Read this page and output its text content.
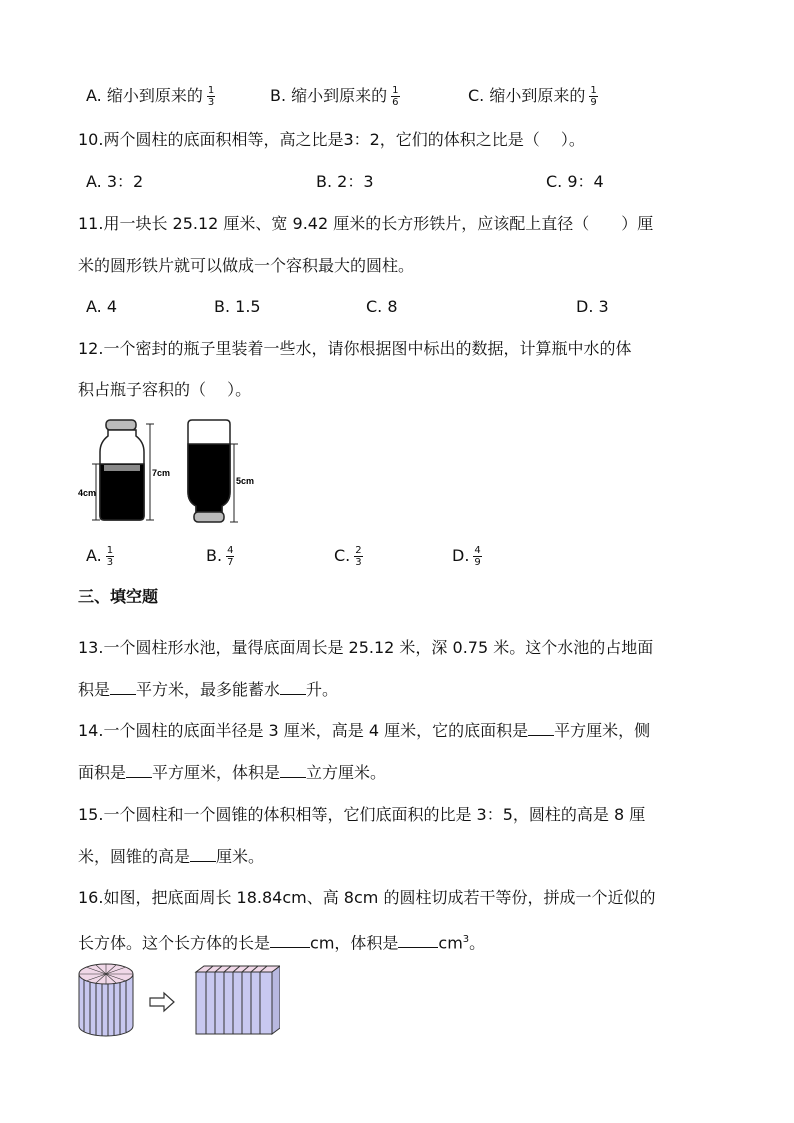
A. 缩小到原来的 $\frac{1}{3}$	B. 缩小到原来的 $\frac{1}{6}$	C. 缩小到原来的 $\frac{1}{9}$
10.两个圆柱的底面积相等，高之比是3：2，它们的体积之比是（　 ）。
A. 3：2	B. 2：3	C. 9：4
11.用一块长 25.12 厘米、宽 9.42 厘米的长方形铁片，应该配上直径（　　）厘
米的圆形铁片就可以做成一个容积最大的圆柱。
A. 4	B. 1.5	C. 8	D. 3
12.一个密封的瓶子里装着一些水，请你根据图中标出的数据，计算瓶中水的体
积占瓶子容积的（　 ）。
4cm
7cm
5cm
A. $\frac{1}{3}$	B. $\frac{4}{7}$	C. $\frac{2}{3}$	D. $\frac{4}{9}$
三、填空题
13.一个圆柱形水池，量得底面周长是 25.12 米，深 0.75 米。这个水池的占地面
积是 平方米，最多能蓄水 升。
14.一个圆柱的底面半径是 3 厘米，高是 4 厘米，它的底面积是 平方厘米，侧
面积是 平方厘米，体积是 立方厘米。
15.一个圆柱和一个圆锥的体积相等，它们底面积的比是 3：5，圆柱的高是 8 厘
米，圆锥的高是 厘米。
16.如图，把底面周长 18.84cm、高 8cm 的圆柱切成若干等份，拼成一个近似的
长方体。这个长方体的长是	cm，体积是	$cm^3$。
